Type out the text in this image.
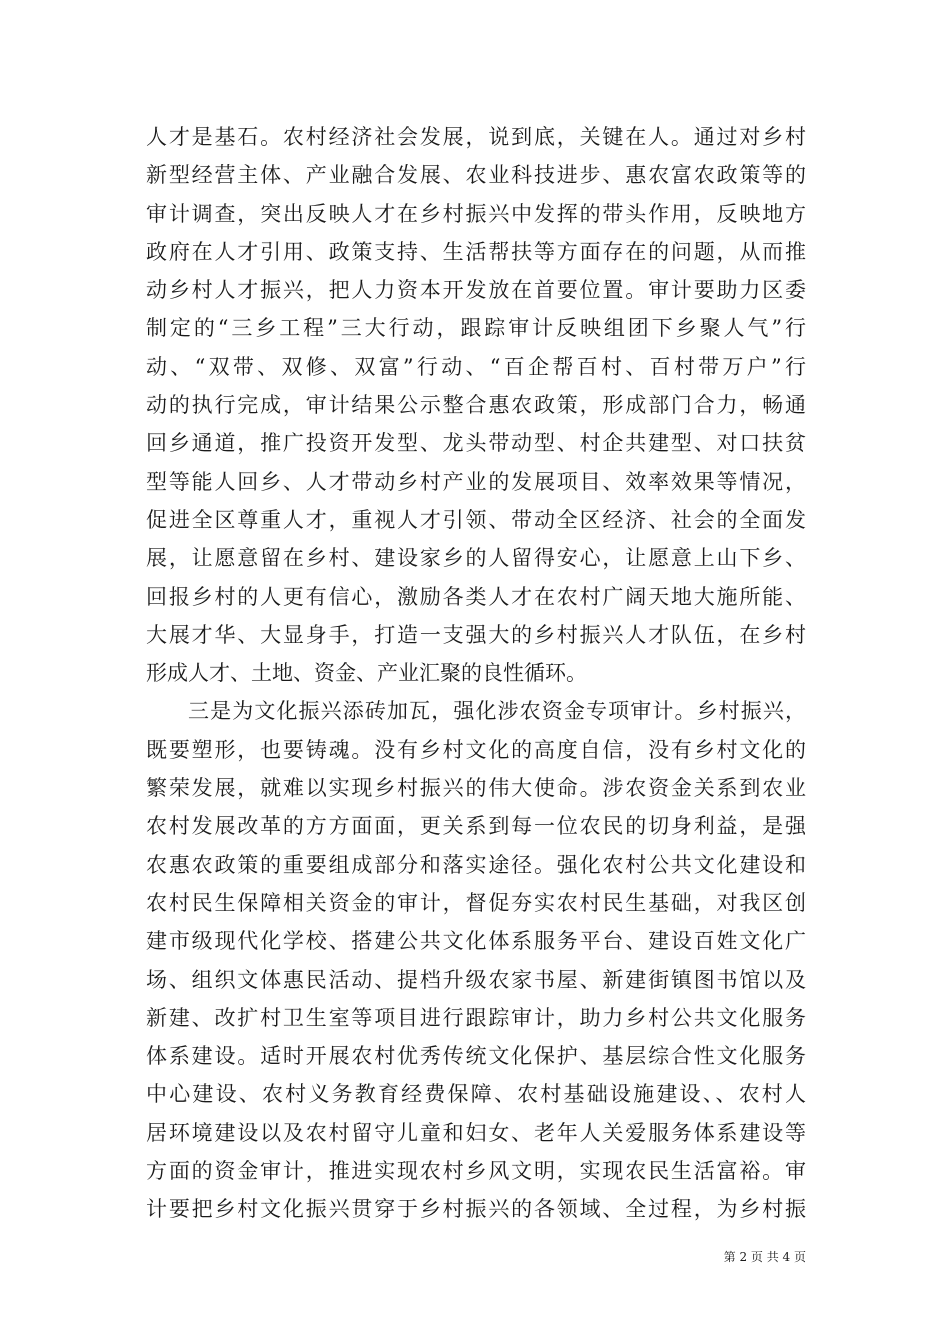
人才是基石。农村经济社会发展，说到底，关键在人。通过对乡村
新型经营主体、产业融合发展、农业科技进步、惠农富农政策等的
审计调查，突出反映人才在乡村振兴中发挥的带头作用，反映地方
政府在人才引用、政策支持、生活帮扶等方面存在的问题，从而推
动乡村人才振兴，把人力资本开发放在首要位置。审计要助力区委
制定的“三乡工程”三大行动，跟踪审计反映组团下乡聚人气”行
动、“双带、双修、双富”行动、“百企帮百村、百村带万户”行
动的执行完成，审计结果公示整合惠农政策，形成部门合力，畅通
回乡通道，推广投资开发型、龙头带动型、村企共建型、对口扶贫
型等能人回乡、人才带动乡村产业的发展项目、效率效果等情况，
促进全区尊重人才，重视人才引领、带动全区经济、社会的全面发
展，让愿意留在乡村、建设家乡的人留得安心，让愿意上山下乡、
回报乡村的人更有信心，激励各类人才在农村广阔天地大施所能、
大展才华、大显身手，打造一支强大的乡村振兴人才队伍，在乡村
形成人才、土地、资金、产业汇聚的良性循环。
三是为文化振兴添砖加瓦，强化涉农资金专项审计。乡村振兴，
既要塑形，也要铸魂。没有乡村文化的高度自信，没有乡村文化的
繁荣发展，就难以实现乡村振兴的伟大使命。涉农资金关系到农业
农村发展改革的方方面面，更关系到每一位农民的切身利益，是强
农惠农政策的重要组成部分和落实途径。强化农村公共文化建设和
农村民生保障相关资金的审计，督促夯实农村民生基础，对我区创
建市级现代化学校、搭建公共文化体系服务平台、建设百姓文化广
场、组织文体惠民活动、提档升级农家书屋、新建街镇图书馆以及
新建、改扩村卫生室等项目进行跟踪审计，助力乡村公共文化服务
体系建设。适时开展农村优秀传统文化保护、基层综合性文化服务
中心建设、农村义务教育经费保障、农村基础设施建设、、农村人
居环境建设以及农村留守儿童和妇女、老年人关爱服务体系建设等
方面的资金审计，推进实现农村乡风文明，实现农民生活富裕。审
计要把乡村文化振兴贯穿于乡村振兴的各领域、全过程，为乡村振
第 2 页 共 4 页
